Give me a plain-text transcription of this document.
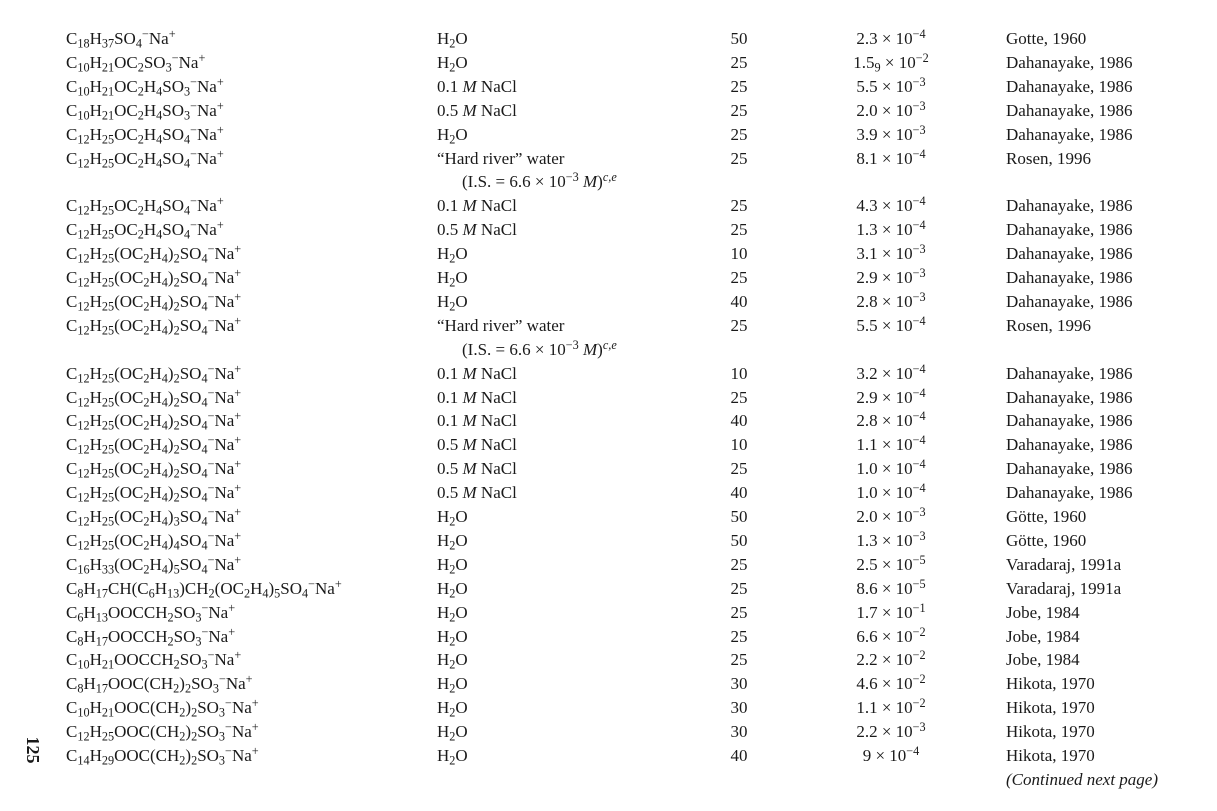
$C_{18}H_{37}SO_4^-Na^+$	$H_2O$	50	$2.3 \times 10^{-4}$	Gotte, 1960
$C_{10}H_{21}OC_2SO_3^-Na^+$	$H_2O$	25	$1.5_9 \times 10^{-2}$	Dahanayake, 1986
$C_{10}H_{21}OC_2H_4SO_3^-Na^+$	0.1 M NaCl	25	$5.5 \times 10^{-3}$	Dahanayake, 1986
$C_{10}H_{21}OC_2H_4SO_3^-Na^+$	0.5 M NaCl	25	$2.0 \times 10^{-3}$	Dahanayake, 1986
$C_{12}H_{25}OC_2H_4SO_4^-Na^+$	$H_2O$	25	$3.9 \times 10^{-3}$	Dahanayake, 1986
$C_{12}H_{25}OC_2H_4SO_4^-Na^+$	“Hard river” water	25	$8.1 \times 10^{-4}$	Rosen, 1996
(I.S. = $6.6 \times 10^{-3}$ M)$^{c,e}$
$C_{12}H_{25}OC_2H_4SO_4^-Na^+$	0.1 M NaCl	25	$4.3 \times 10^{-4}$	Dahanayake, 1986
$C_{12}H_{25}OC_2H_4SO_4^-Na^+$	0.5 M NaCl	25	$1.3 \times 10^{-4}$	Dahanayake, 1986
$C_{12}H_{25}(OC_2H_4)_2SO_4^-Na^+$	$H_2O$	10	$3.1 \times 10^{-3}$	Dahanayake, 1986
$C_{12}H_{25}(OC_2H_4)_2SO_4^-Na^+$	$H_2O$	25	$2.9 \times 10^{-3}$	Dahanayake, 1986
$C_{12}H_{25}(OC_2H_4)_2SO_4^-Na^+$	$H_2O$	40	$2.8 \times 10^{-3}$	Dahanayake, 1986
$C_{12}H_{25}(OC_2H_4)_2SO_4^-Na^+$	“Hard river” water	25	$5.5 \times 10^{-4}$	Rosen, 1996
(I.S. = $6.6 \times 10^{-3}$ M)$^{c,e}$
$C_{12}H_{25}(OC_2H_4)_2SO_4^-Na^+$	0.1 M NaCl	10	$3.2 \times 10^{-4}$	Dahanayake, 1986
$C_{12}H_{25}(OC_2H_4)_2SO_4^-Na^+$	0.1 M NaCl	25	$2.9 \times 10^{-4}$	Dahanayake, 1986
$C_{12}H_{25}(OC_2H_4)_2SO_4^-Na^+$	0.1 M NaCl	40	$2.8 \times 10^{-4}$	Dahanayake, 1986
$C_{12}H_{25}(OC_2H_4)_2SO_4^-Na^+$	0.5 M NaCl	10	$1.1 \times 10^{-4}$	Dahanayake, 1986
$C_{12}H_{25}(OC_2H_4)_2SO_4^-Na^+$	0.5 M NaCl	25	$1.0 \times 10^{-4}$	Dahanayake, 1986
$C_{12}H_{25}(OC_2H_4)_2SO_4^-Na^+$	0.5 M NaCl	40	$1.0 \times 10^{-4}$	Dahanayake, 1986
$C_{12}H_{25}(OC_2H_4)_3SO_4^-Na^+$	$H_2O$	50	$2.0 \times 10^{-3}$	Götte, 1960
$C_{12}H_{25}(OC_2H_4)_4SO_4^-Na^+$	$H_2O$	50	$1.3 \times 10^{-3}$	Götte, 1960
$C_{16}H_{33}(OC_2H_4)_5SO_4^-Na^+$	$H_2O$	25	$2.5 \times 10^{-5}$	Varadaraj, 1991a
$C_8H_{17}CH(C_6H_{13})CH_2(OC_2H_4)_5SO_4^-Na^+$	$H_2O$	25	$8.6 \times 10^{-5}$	Varadaraj, 1991a
$C_6H_{13}OOCCH_2SO_3^-Na^+$	$H_2O$	25	$1.7 \times 10^{-1}$	Jobe, 1984
$C_8H_{17}OOCCH_2SO_3^-Na^+$	$H_2O$	25	$6.6 \times 10^{-2}$	Jobe, 1984
$C_{10}H_{21}OOCCH_2SO_3^-Na^+$	$H_2O$	25	$2.2 \times 10^{-2}$	Jobe, 1984
$C_8H_{17}OOC(CH_2)_2SO_3^-Na^+$	$H_2O$	30	$4.6 \times 10^{-2}$	Hikota, 1970
$C_{10}H_{21}OOC(CH_2)_2SO_3^-Na^+$	$H_2O$	30	$1.1 \times 10^{-2}$	Hikota, 1970
$C_{12}H_{25}OOC(CH_2)_2SO_3^-Na^+$	$H_2O$	30	$2.2 \times 10^{-3}$	Hikota, 1970
$C_{14}H_{29}OOC(CH_2)_2SO_3^-Na^+$	$H_2O$	40	$9 \times 10^{-4}$	Hikota, 1970
125
(Continued next page)
